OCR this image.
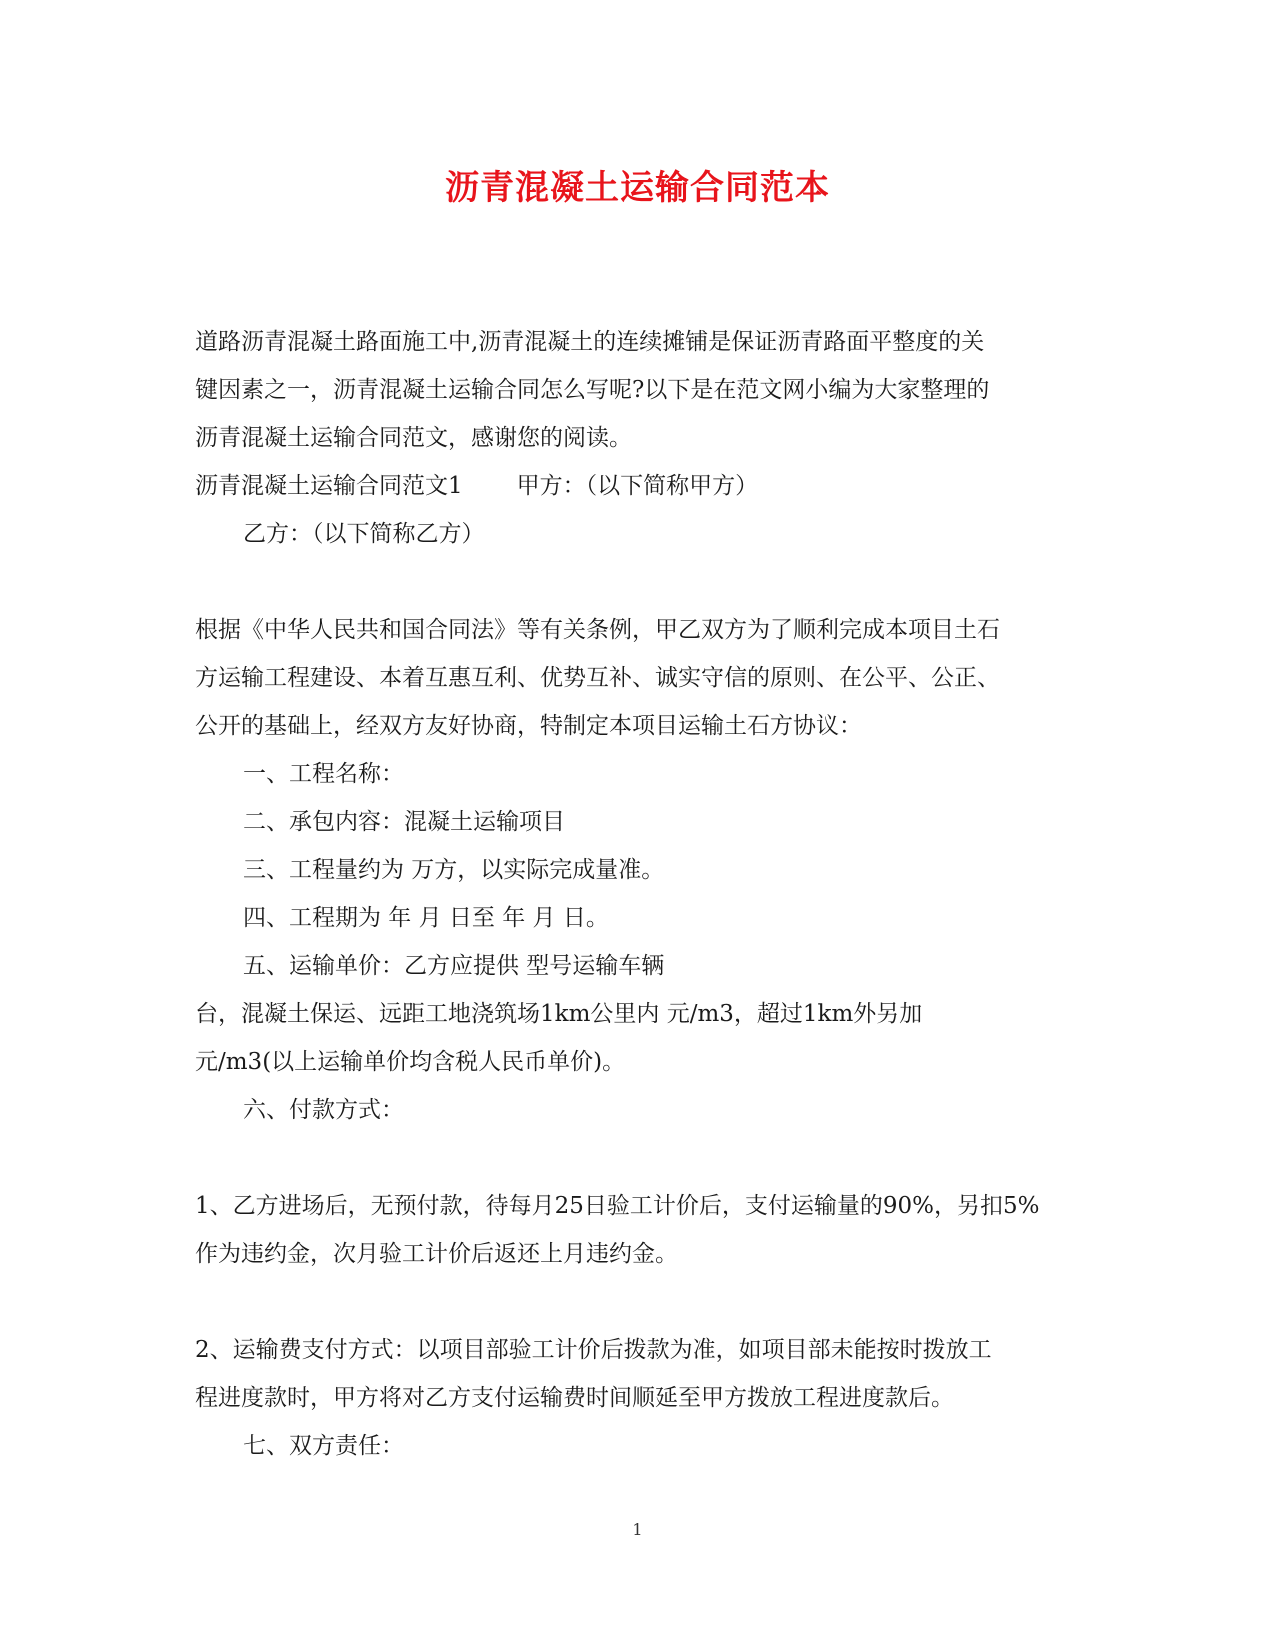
沥青混凝土运输合同范本

道路沥青混凝土路面施工中,沥青混凝土的连续摊铺是保证沥青路面平整度的关

键因素之一，沥青混凝土运输合同怎么写呢?以下是在范文网小编为大家整理的

沥青混凝土运输合同范文，感谢您的阅读。

沥青混凝土运输合同范文1 甲方：（以下简称甲方）

乙方：（以下简称乙方）

根据《中华人民共和国合同法》等有关条例，甲乙双方为了顺利完成本项目土石

方运输工程建设、本着互惠互利、优势互补、诚实守信的原则、在公平、公正、

公开的基础上，经双方友好协商，特制定本项目运输土石方协议：

一、工程名称：

二、承包内容：混凝土运输项目

三、工程量约为 万方，以实际完成量准。

四、工程期为 年 月 日至 年 月 日。

五、运输单价：乙方应提供 型号运输车辆

台，混凝土保运、远距工地浇筑场1km公里内 元/m3，超过1km外另加

元/m3(以上运输单价均含税人民币单价)。

六、付款方式：

1、乙方进场后，无预付款，待每月25日验工计价后，支付运输量的90%，另扣5%

作为违约金，次月验工计价后返还上月违约金。

2、运输费支付方式：以项目部验工计价后拨款为准，如项目部未能按时拨放工

程进度款时，甲方将对乙方支付运输费时间顺延至甲方拨放工程进度款后。

七、双方责任：

1
